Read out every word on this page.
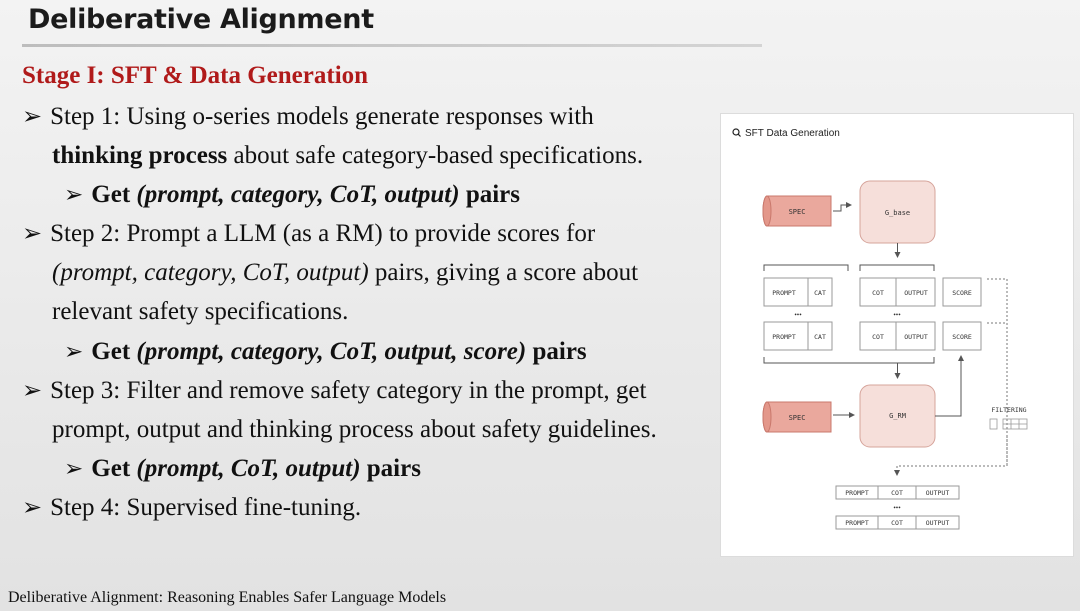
Deliberative Alignment
Stage I: SFT & Data Generation
➢ Step 1: Using o-series models generate responses with
thinking process about safe category-based specifications.
➢ Get (prompt, category, CoT, output) pairs
➢ Step 2: Prompt a LLM (as a RM) to provide scores for
(prompt, category, CoT, output) pairs, giving a score about
relevant safety specifications.
➢ Get (prompt, category, CoT, output, score) pairs
➢ Step 3: Filter and remove safety category in the prompt, get
prompt, output and thinking process about safety guidelines.
➢ Get (prompt, CoT, output) pairs
➢ Step 4: Supervised fine-tuning.
Deliberative Alignment: Reasoning Enables Safer Language Models
SFT Data Generation
SPEC	G_base
PROMPT	CAT	COT	OUTPUT	SCORE
•••	•••
PROMPT	CAT	COT	OUTPUT	SCORE
SPEC	G_RM
FILTERING
PROMPT	COT	OUTPUT
•••
PROMPT	COT	OUTPUT
